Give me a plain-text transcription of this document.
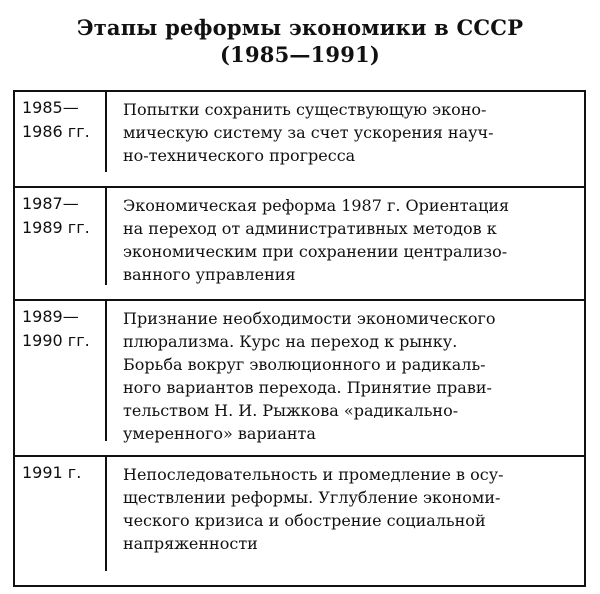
Этапы реформы экономики в СССР
(1985—1991)
1985—
1986 гг.
Попытки сохранить существующую эконо-
мическую систему за счет ускорения науч-
но-технического прогресса
1987—
1989 гг.
Экономическая реформа 1987 г. Ориентация
на переход от административных методов к
экономическим при сохранении централизо-
ванного управления
1989—
1990 гг.
Признание необходимости экономического
плюрализма. Курс на переход к рынку.
Борьба вокруг эволюционного и радикаль-
ного вариантов перехода. Принятие прави-
тельством Н. И. Рыжкова «радикально-
умеренного» варианта
1991 г.	Непоследовательность и промедление в осу-
ществлении реформы. Углубление экономи-
ческого кризиса и обострение социальной
напряженности
